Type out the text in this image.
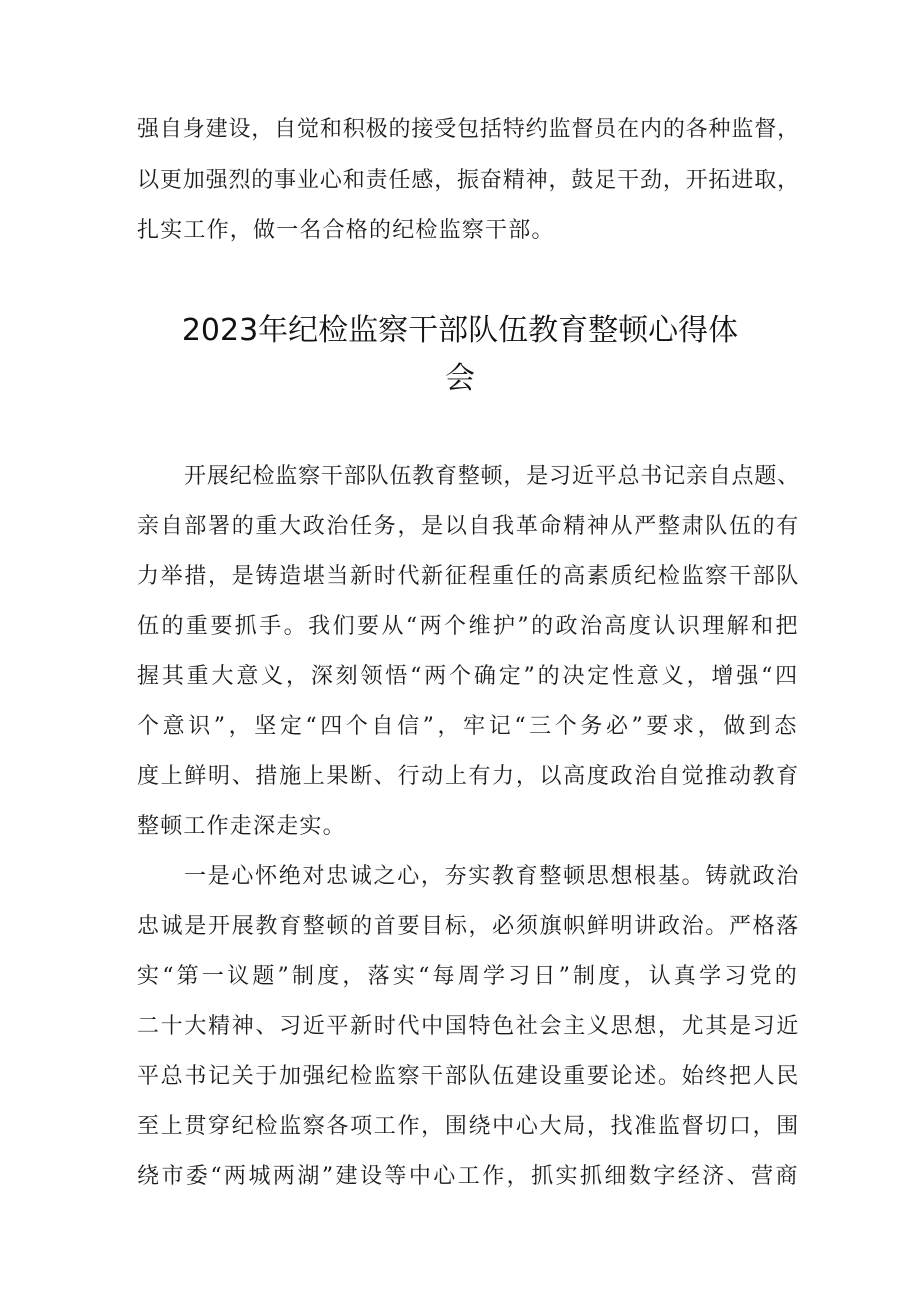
强自身建设，自觉和积极的接受包括特约监督员在内的各种监督，
以更加强烈的事业心和责任感，振奋精神，鼓足干劲，开拓进取，
扎实工作，做一名合格的纪检监察干部。
2023年纪检监察干部队伍教育整顿心得体
会
开展纪检监察干部队伍教育整顿，是习近平总书记亲自点题、
亲自部署的重大政治任务，是以自我革命精神从严整肃队伍的有
力举措，是铸造堪当新时代新征程重任的高素质纪检监察干部队
伍的重要抓手。我们要从“两个维护”的政治高度认识理解和把
握其重大意义，深刻领悟“两个确定”的决定性意义，增强“四
个意识”，坚定“四个自信”，牢记“三个务必”要求，做到态
度上鲜明、措施上果断、行动上有力，以高度政治自觉推动教育
整顿工作走深走实。
一是心怀绝对忠诚之心，夯实教育整顿思想根基。铸就政治
忠诚是开展教育整顿的首要目标，必须旗帜鲜明讲政治。严格落
实“第一议题”制度，落实“每周学习日”制度，认真学习党的
二十大精神、习近平新时代中国特色社会主义思想，尤其是习近
平总书记关于加强纪检监察干部队伍建设重要论述。始终把人民
至上贯穿纪检监察各项工作，围绕中心大局，找准监督切口，围
绕市委“两城两湖”建设等中心工作，抓实抓细数字经济、营商
